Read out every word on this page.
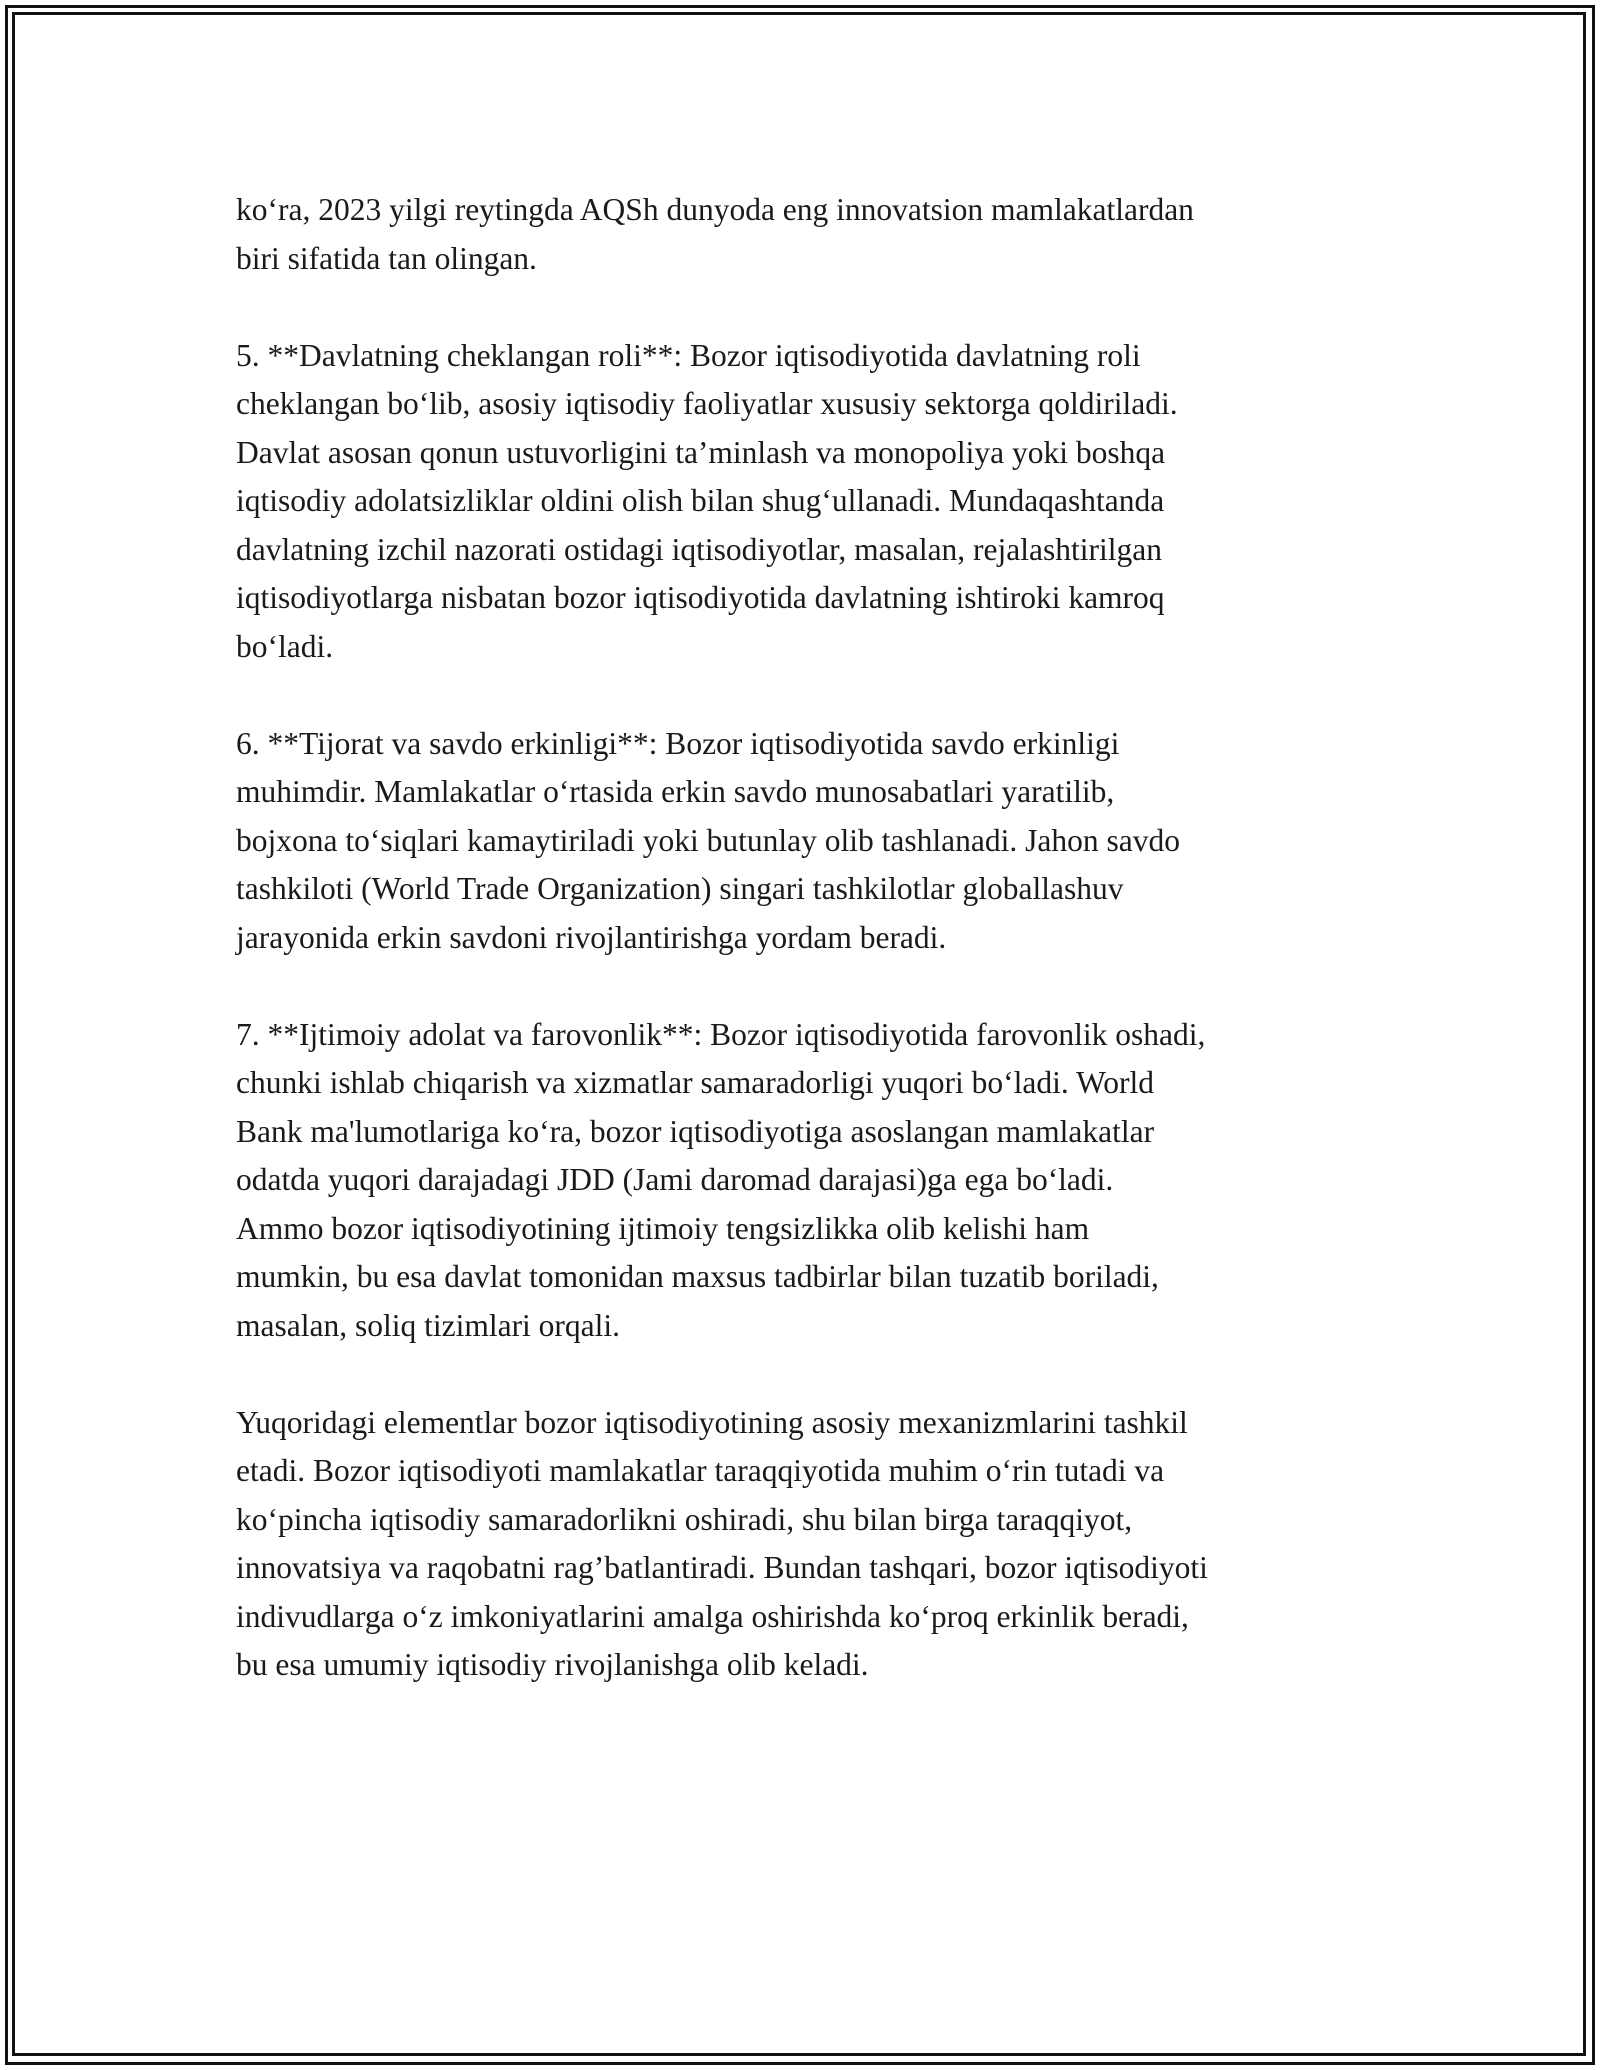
ko‘ra, 2023 yilgi reytingda AQSh dunyoda eng innovatsion mamlakatlardan
biri sifatida tan olingan.

5. **Davlatning cheklangan roli**: Bozor iqtisodiyotida davlatning roli
cheklangan bo‘lib, asosiy iqtisodiy faoliyatlar xususiy sektorga qoldiriladi.
Davlat asosan qonun ustuvorligini ta’minlash va monopoliya yoki boshqa
iqtisodiy adolatsizliklar oldini olish bilan shug‘ullanadi. Mundaqashtanda
davlatning izchil nazorati ostidagi iqtisodiyotlar, masalan, rejalashtirilgan
iqtisodiyotlarga nisbatan bozor iqtisodiyotida davlatning ishtiroki kamroq
bo‘ladi.

6. **Tijorat va savdo erkinligi**: Bozor iqtisodiyotida savdo erkinligi
muhimdir. Mamlakatlar o‘rtasida erkin savdo munosabatlari yaratilib,
bojxona to‘siqlari kamaytiriladi yoki butunlay olib tashlanadi. Jahon savdo
tashkiloti (World Trade Organization) singari tashkilotlar globallashuv
jarayonida erkin savdoni rivojlantirishga yordam beradi.

7. **Ijtimoiy adolat va farovonlik**: Bozor iqtisodiyotida farovonlik oshadi,
chunki ishlab chiqarish va xizmatlar samaradorligi yuqori bo‘ladi. World
Bank ma'lumotlariga ko‘ra, bozor iqtisodiyotiga asoslangan mamlakatlar
odatda yuqori darajadagi JDD (Jami daromad darajasi)ga ega bo‘ladi.
Ammo bozor iqtisodiyotining ijtimoiy tengsizlikka olib kelishi ham
mumkin, bu esa davlat tomonidan maxsus tadbirlar bilan tuzatib boriladi,
masalan, soliq tizimlari orqali.

Yuqoridagi elementlar bozor iqtisodiyotining asosiy mexanizmlarini tashkil
etadi. Bozor iqtisodiyoti mamlakatlar taraqqiyotida muhim o‘rin tutadi va
ko‘pincha iqtisodiy samaradorlikni oshiradi, shu bilan birga taraqqiyot,
innovatsiya va raqobatni rag’batlantiradi. Bundan tashqari, bozor iqtisodiyoti
indivudlarga o‘z imkoniyatlarini amalga oshirishda ko‘proq erkinlik beradi,
bu esa umumiy iqtisodiy rivojlanishga olib keladi.
